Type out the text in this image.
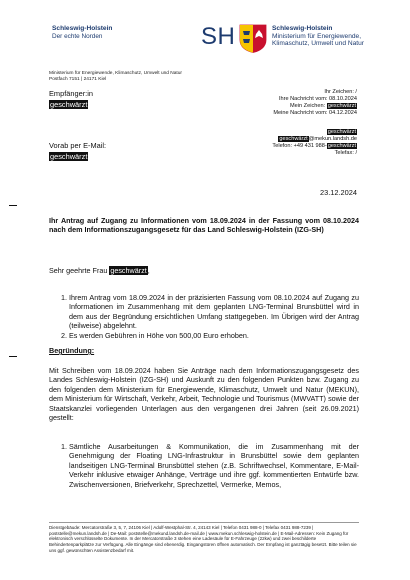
Schleswig-Holstein
Der echte Norden	SH	Schleswig-Holstein
Ministerium für Energiewende,
Klimaschutz, Umwelt und Natur
Ministerium für Energiewende, Klimaschutz, Umwelt und Natur
Postfach 7151 | 24171 Kiel
Empfänger:in
geschwärzt
Ihr Zeichen: /
Ihre Nachricht vom: 08.10.2024
Mein Zeichen: geschwärzt
Meine Nachricht vom: 04.12.2024
Vorab per E-Mail:
geschwärzt
geschwärzt
geschwärzt@mekun.landsh.de
Telefon: +49 431 988-geschwärzt
Telefax: /
23.12.2024
Ihr Antrag auf Zugang zu Informationen vom 18.09.2024 in der Fassung vom 08.10.2024 nach dem Informationszugangsgesetz für das Land Schleswig-Holstein (IZG-SH)
Sehr geehrte Frau geschwärzt,
1. Ihrem Antrag vom 18.09.2024 in der präzisierten Fassung vom 08.10.2024 auf Zugang zu Informationen im Zusammenhang mit dem geplanten LNG-Terminal Brunsbüttel wird in dem aus der Begründung ersichtlichen Umfang stattgegeben. Im Übrigen wird der Antrag (teilweise) abgelehnt.
2. Es werden Gebühren in Höhe von 500,00 Euro erhoben.
Begründung:
Mit Schreiben vom 18.09.2024 haben Sie Anträge nach dem Informationszugangsgesetz des Landes Schleswig-Holstein (IZG-SH) und Auskunft zu den folgenden Punkten bzw. Zugang zu den folgenden dem Ministerium für Energiewende, Klimaschutz, Umwelt und Natur (MEKUN), dem Ministerium für Wirtschaft, Verkehr, Arbeit, Technologie und Tourismus (MWVATT) sowie der Staatskanzlei vorliegenden Unterlagen aus den vergangenen drei Jahren (seit 26.09.2021) gestellt:
1. Sämtliche Ausarbeitungen & Kommunikation, die im Zusammenhang mit der Genehmigung der Floating LNG-Infrastruktur in Brunsbüttel sowie dem geplanten landseitigen LNG-Terminal Brunsbüttel stehen (z.B. Schriftwechsel, Kommentare, E-Mail-Verkehr inklusive etwaiger Anhänge, Verträge und ihre ggf. kommentierten Entwürfe bzw. Zwischenversionen, Briefverkehr, Sprechzettel, Vermerke, Memos,
Dienstgebäude: Mercatorstraße 3, 5, 7, 24106 Kiel | Adolf-Westphal-Str. 4, 24143 Kiel | Telefon 0431 988-0 | Telefax 0431 988-7239 | poststelle@mekun.landsh.de | De-Mail: poststelle@mekund.landsh.de-mail.de | www.mekun.schleswig-holstein.de | E-Mail-Adressen: Kein Zugang für elektronisch verschlüsselte Dokumente. In der Mercatorstraße 3 stehen eine Ladesäule für E-Fahrzeuge (22kw) und zwei beschilderte Behindertenparkplätze zur Verfügung. Alle Eingänge sind ebenerdig. Eingangstüren öffnen automatisch. Der Empfang ist ganztägig besetzt. Bitte teilen sie uns ggf. gewünschten Assistenzbedarf mit.
